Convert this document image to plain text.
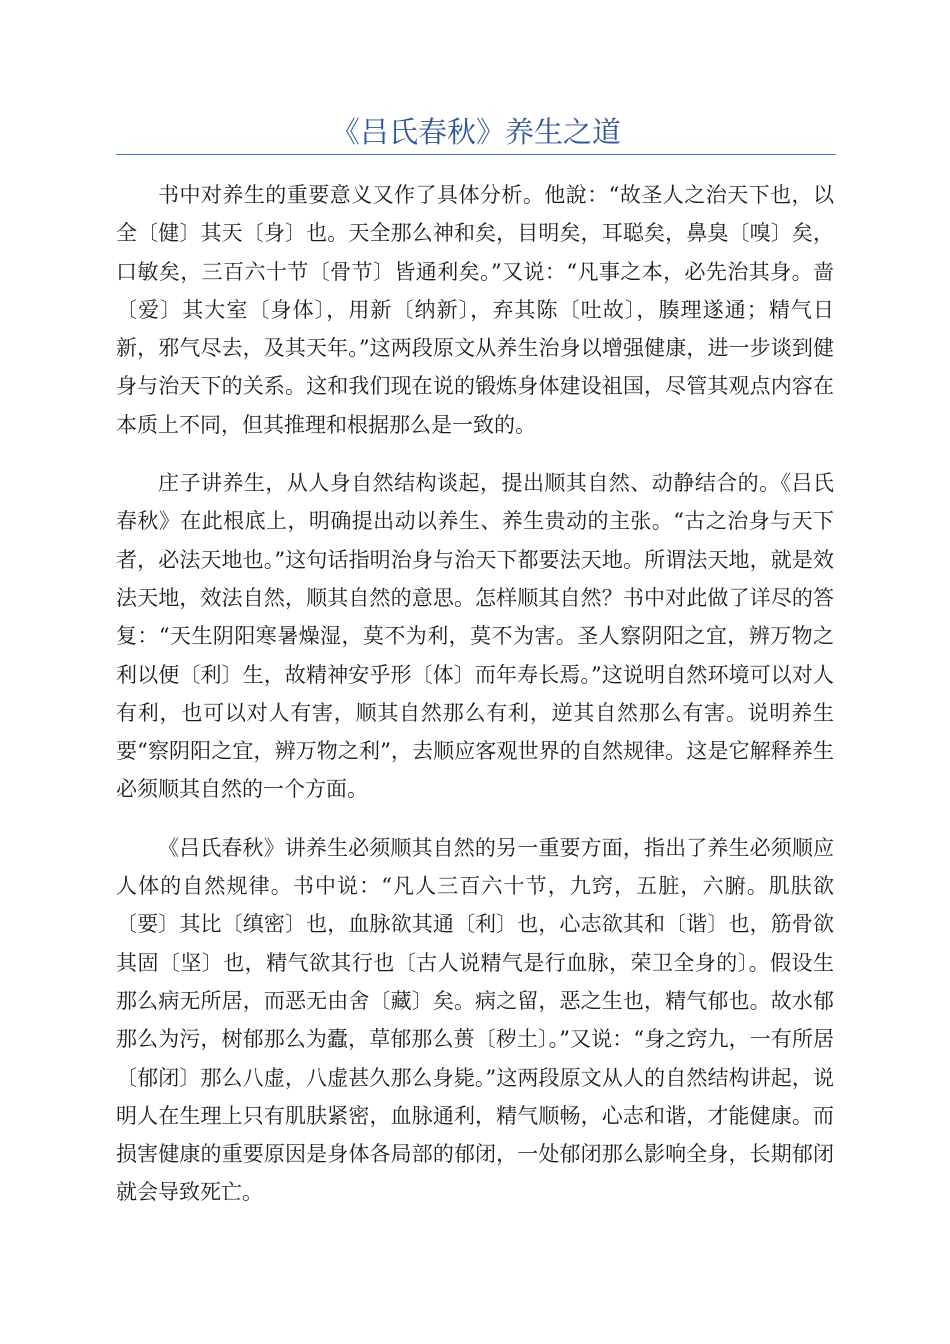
《吕氏春秋》养生之道

书中对养生的重要意义又作了具体分析。他說：“故圣人之治天下也，以全〔健〕其天〔身〕也。天全那么神和矣，目明矣，耳聪矣，鼻臭〔嗅〕矣，口敏矣，三百六十节〔骨节〕皆通利矣。”又说：“凡事之本，必先治其身。啬〔爱〕其大室〔身体〕，用新〔纳新〕，弃其陈〔吐故〕，腠理遂通；精气日新，邪气尽去，及其天年。”这两段原文从养生治身以增强健康，进一步谈到健身与治天下的关系。这和我们现在说的锻炼身体建设祖国，尽管其观点内容在本质上不同，但其推理和根据那么是一致的。

庄子讲养生，从人身自然结构谈起，提出顺其自然、动静结合的。《吕氏春秋》在此根底上，明确提出动以养生、养生贵动的主张。“古之治身与天下者，必法天地也。”这句话指明治身与治天下都要法天地。所谓法天地，就是效法天地，效法自然，顺其自然的意思。怎样顺其自然？书中对此做了详尽的答复：“天生阴阳寒暑燥湿，莫不为利，莫不为害。圣人察阴阳之宜，辨万物之利以便〔利〕生，故精神安乎形〔体〕而年寿长焉。”这说明自然环境可以对人有利，也可以对人有害，顺其自然那么有利，逆其自然那么有害。说明养生要“察阴阳之宜，辨万物之利”，去顺应客观世界的自然规律。这是它解释养生必须顺其自然的一个方面。

《吕氏春秋》讲养生必须顺其自然的另一重要方面，指出了养生必须顺应人体的自然规律。书中说：“凡人三百六十节，九窍，五脏，六腑。肌肤欲〔要〕其比〔缜密〕也，血脉欲其通〔利〕也，心志欲其和〔谐〕也，筋骨欲其固〔坚〕也，精气欲其行也〔古人说精气是行血脉，荣卫全身的〕。假设生那么病无所居，而恶无由舍〔藏〕矣。病之留，恶之生也，精气郁也。故水郁那么为污，树郁那么为蠹，草郁那么蒉〔秽土〕。”又说：“身之窍九，一有所居〔郁闭〕那么八虚，八虚甚久那么身毙。”这两段原文从人的自然结构讲起，说明人在生理上只有肌肤紧密，血脉通利，精气顺畅，心志和谐，才能健康。而损害健康的重要原因是身体各局部的郁闭，一处郁闭那么影响全身，长期郁闭就会导致死亡。
